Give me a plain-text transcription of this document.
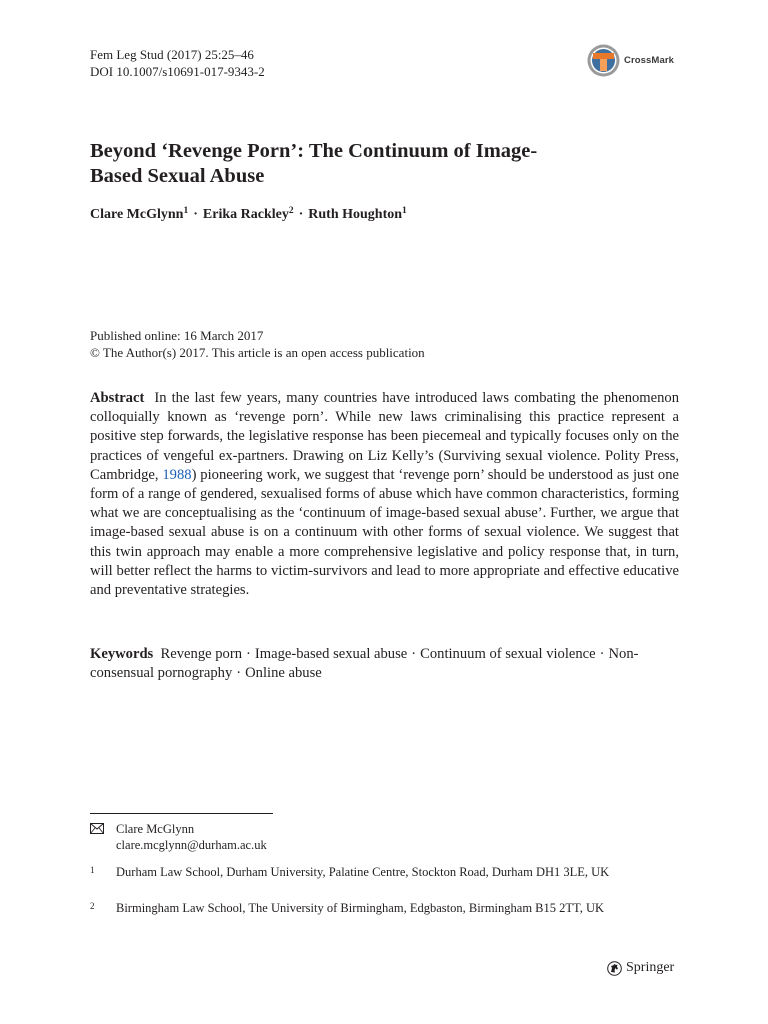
Fem Leg Stud (2017) 25:25–46
DOI 10.1007/s10691-017-9343-2
CrossMark
Beyond ‘Revenge Porn’: The Continuum of Image-
Based Sexual Abuse
Clare McGlynn$^1$ · Erika Rackley$^2$ · Ruth Houghton$^1$
Published online: 16 March 2017
© The Author(s) 2017. This article is an open access publication
Abstract In the last few years, many countries have introduced laws combating the phenomenon colloquially known as ‘revenge porn’. While new laws criminalising this practice represent a positive step forwards, the legislative response has been piecemeal and typically focuses only on the practices of vengeful ex-partners. Drawing on Liz Kelly’s (Surviving sexual violence. Polity Press, Cambridge, 1988) pioneering work, we suggest that ‘revenge porn’ should be understood as just one form of a range of gendered, sexualised forms of abuse which have common characteristics, forming what we are conceptualising as the ‘continuum of image-based sexual abuse’. Further, we argue that image-based sexual abuse is on a continuum with other forms of sexual violence. We suggest that this twin approach may enable a more comprehensive legislative and policy response that, in turn, will better reflect the harms to victim-survivors and lead to more appropriate and effective educative and preventative strategies.
Keywords Revenge porn · Image-based sexual abuse · Continuum of sexual violence · Non-consensual pornography · Online abuse
Clare McGlynn
clare.mcglynn@durham.ac.uk
1 Durham Law School, Durham University, Palatine Centre, Stockton Road, Durham DH1 3LE, UK
2 Birmingham Law School, The University of Birmingham, Edgbaston, Birmingham B15 2TT, UK
Springer
